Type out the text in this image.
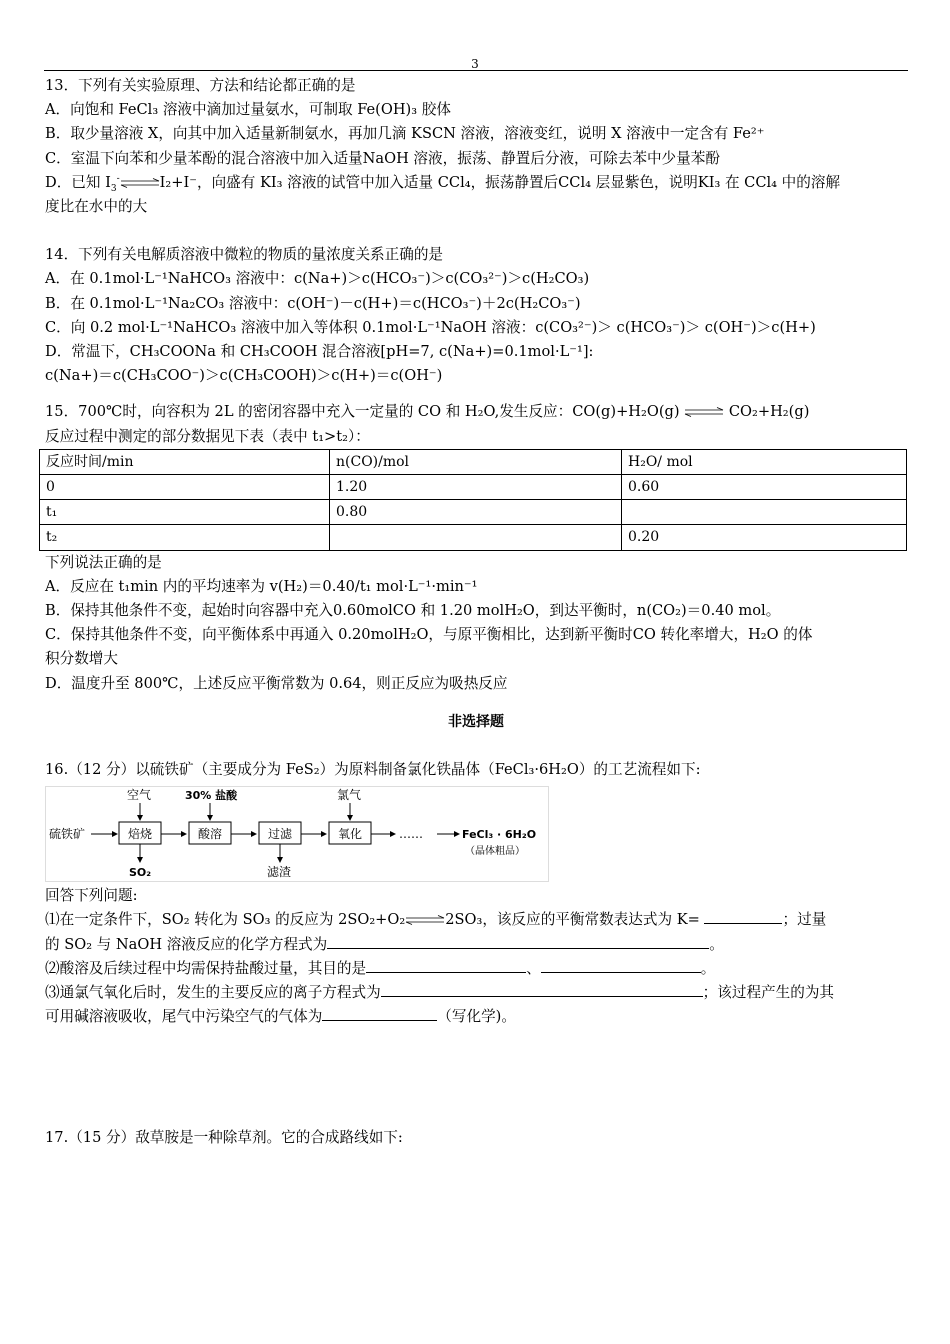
3
13．下列有关实验原理、方法和结论都正确的是
A．向饱和 FeCl₃ 溶液中滴加过量氨水，可制取 Fe(OH)₃ 胶体
B．取少量溶液 X，向其中加入适量新制氨水，再加几滴 KSCN 溶液，溶液变红，说明 X 溶液中一定含有 Fe²⁺
C．室温下向苯和少量苯酚的混合溶液中加入适量NaOH 溶液，振荡、静置后分液，可除去苯中少量苯酚
D．已知 $I_3^-\rightleftharpoons I_2+I^-$，向盛有 KI₃ 溶液的试管中加入适量 CCl₄，振荡静置后CCl₄ 层显紫色，说明KI₃ 在 CCl₄ 中的溶解
度比在水中的大
14．下列有关电解质溶液中微粒的物质的量浓度关系正确的是
A．在 0.1mol·L⁻¹NaHCO₃ 溶液中：c(Na+)＞c(HCO₃⁻)＞c(CO₃²⁻)＞c(H₂CO₃)
B．在 0.1mol·L⁻¹Na₂CO₃ 溶液中：c(OH⁻)－c(H+)＝c(HCO₃⁻)＋2c(H₂CO₃⁻)
C．向 0.2 mol·L⁻¹NaHCO₃ 溶液中加入等体积 0.1mol·L⁻¹NaOH 溶液：c(CO₃²⁻)＞ c(HCO₃⁻)＞ c(OH⁻)＞c(H+)
D．常温下，CH₃COONa 和 CH₃COOH 混合溶液[pH=7, c(Na+)=0.1mol·L⁻¹]:
c(Na+)＝c(CH₃COO⁻)＞c(CH₃COOH)＞c(H+)＝c(OH⁻)
15．700℃时，向容积为 2L 的密闭容器中充入一定量的 CO 和 H₂O,发生反应：CO(g)+H₂O(g) ⇌ CO₂+H₂(g)
反应过程中测定的部分数据见下表（表中 t₁>t₂）：
反应时间/min	n(CO)/mol	H₂O/ mol
0	1.20	0.60
t₁	0.80	
t₂		0.20
下列说法正确的是
A．反应在 t₁min 内的平均速率为 v(H₂)＝0.40/t₁ mol·L⁻¹·min⁻¹
B．保持其他条件不变，起始时向容器中充入0.60molCO 和 1.20 molH₂O，到达平衡时，n(CO₂)＝0.40 mol。
C．保持其他条件不变，向平衡体系中再通入 0.20molH₂O，与原平衡相比，达到新平衡时CO 转化率增大，H₂O 的体
积分数增大
D．温度升至 800℃，上述反应平衡常数为 0.64，则正反应为吸热反应
非选择题
16.（12 分）以硫铁矿（主要成分为 FeS₂）为原料制备氯化铁晶体（FeCl₃·6H₂O）的工艺流程如下:
硫铁矿	焙烧	酸溶	过滤	氧化	……	FeCl₃ · 6H₂O
（晶体粗品）
空气	30% 盐酸	氯气
SO₂	滤渣
回答下列问题:
⑴在一定条件下，SO₂ 转化为 SO₃ 的反应为 2SO₂+O₂⇌2SO₃，该反应的平衡常数表达式为 K=	；过量
的 SO₂ 与 NaOH 溶液反应的化学方程式为	。
⑵酸溶及后续过程中均需保持盐酸过量，其目的是	、	。
⑶通氯气氧化后时，发生的主要反应的离子方程式为	；该过程产生的为其
可用碱溶液吸收，尾气中污染空气的气体为	（写化学)。
17.（15 分）敌草胺是一种除草剂。它的合成路线如下:
